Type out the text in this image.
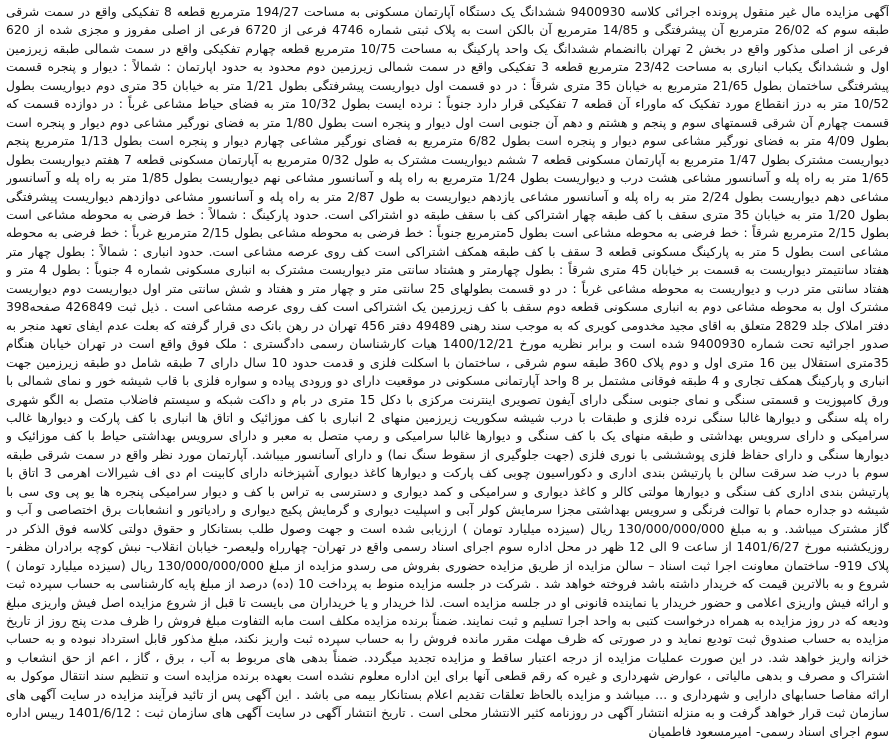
آگهی مزایده مال غیر منقول پرونده اجرائی کلاسه 9400930 ششدانگ یک دستگاه آپارتمان مسکونی به مساحت 194/27 مترمربع قطعه 8 تفکیکی واقع در سمت شرقی طبقه سوم که 26/02 مترمربع آن پیشرفتگی و 14/85 مترمربع آن بالکن است به پلاک ثبتی شماره 4746 فرعی از 6720 فرعی از اصلی مفروز و مجزی شده از 620 فرعی از اصلی مذکور واقع در بخش 2 تهران باانضمام ششدانگ یک واحد پارکینگ به مساحت 10/75 مترمربع قطعه چهارم تفکیکی واقع در سمت شمالی طبقه زیرزمین اول و ششدانگ یکباب انباری به مساحت 23/42 مترمربع قطعه 3 تفکیکی واقع در سمت شمالی زیرزمین دوم محدود به حدود اپارتمان : شمالاً : دیوار و پنجره قسمت پیشرفتگی ساختمان بطول 21/65 مترمربع به خیابان 35 متری شرقاً : در دو قسمت اول دیواریست پیشرفتگی بطول 1/21 متر به خیابان 35 متری دوم دیواریست بطول 10/52 متر به درز انقطاع مورد تفکیک که ماوراء آن قطعه 7 تفکیکی قرار دارد جنوباً : نرده ایست بطول 10/32 متر به فضای حیاط مشاعی غرباً : در دوازده قسمت که قسمت چهارم آن شرقی قسمتهای سوم و پنجم و هشتم و دهم آن جنوبی است اول دیوار و پنجره است بطول 1/80 متر به فضای نورگیر مشاعی دوم دیوار و پنجره است بطول 4/09 متر به فضای نورگیر مشاعی سوم دیوار و پنجره است بطول 6/82 مترمربع به فضای نورگیر مشاعی چهارم دیوار و پنجره است بطول 1/13 مترمربع پنجم دیواریست مشترک بطول 1/47 مترمربع به آپارتمان مسکونی قطعه 7 ششم دیواریست مشترک به طول 0/32 مترمربع به آپارتمان مسکونی قطعه 7 هفتم دیواریست بطول 1/65 متر به راه پله و آسانسور مشاعی هشت درب و دیواریست بطول 1/24 مترمربع به راه پله و آسانسور مشاعی نهم دیواریست بطول 1/85 متر به راه پله و آسانسور مشاعی دهم دیواریست بطول 2/24 متر به راه پله و آسانسور مشاعی یازدهم دیواریست به طول 2/87 متر به راه پله و آسانسور مشاعی دوازدهم دیواریست پیشرفتگی بطول 1/20 متر به خیابان 35 متری سقف با کف طبقه چهار اشتراکی کف با سقف طبقه دو اشتراکی است. حدود پارکینگ : شمالاً : خط فرضی به محوطه مشاعی است بطول 2/15 مترمربع شرقاً : خط فرضی به محوطه مشاعی است بطول 5مترمربع جنوباً : خط فرضی به محوطه مشاعی بطول 2/15 مترمربع غرباً : خط فرضی به محوطه مشاعی است بطول 5 متر به پارکینگ مسکونی قطعه 3 سقف با کف طبقه همکف اشتراکی است کف روی عرصه مشاعی است. حدود انباری : شمالاً : بطول چهار متر هفتاد سانتیمتر دیواریست به قسمت بر خیابان 45 متری شرقاً : بطول چهارمتر و هشتاد سانتی متر دیواریست مشترک به انباری مسکونی شماره 4 جنوباً : بطول 4 متر و هفتاد سانتی متر درب و دیواریست به محوطه مشاعی غرباً : در دو قسمت بطولهای 25 سانتی متر و چهار متر و هفتاد و شش سانتی متر اول دیواریست دوم دیواریست مشترک اول به محوطه مشاعی دوم به انباری مسکونی قطعه دوم سقف با کف زیرزمین یک اشتراکی است کف روی عرصه مشاعی است . ذیل ثبت 426849 صفحه398 دفتر املاک جلد 2829 متعلق به اقای مجید مخدومی کویری که به موجب سند رهنی 49489 دفتر 456 تهران در رهن بانک دی قرار گرفته که بعلت عدم ایفای تعهد منجر به صدور اجرائیه تحت شماره 9400930 شده است و برابر نظریه مورخ 1400/12/21 هیات کارشناسان رسمی دادگستری : ملک فوق واقع است در تهران خیابان هنگام 35متری استقلال بین 16 متری اول و دوم پلاک 360 طبقه سوم شرقی ، ساختمان با اسکلت فلزی و قدمت حدود 10 سال دارای 7 طبقه شامل دو طبقه زیرزمین جهت انباری و پارکینگ همکف تجاری و 4 طبقه فوقانی مشتمل بر 8 واحد آپارتمانی مسکونی در موقعیت دارای دو ورودی پیاده و سواره فلزی با قاب شیشه خور و نمای شمالی با ورق کامپوزیت و قسمتی سنگی و نمای جنوبی سنگی دارای آیفون تصویری اینترنت مرکزی با دکل 15 متری در بام و داکت شبکه و سیستم فاضلاب متصل به الگو شهری راه پله سنگی و دیوارها غالبا سنگی نرده فلزی و طبقات با درب شیشه سکوریت زیرزمین منهای 2 انباری با کف موزائیک و اتاق ها انباری با کف پارکت و دیوارها غالب سرامیکی و دارای سرویس بهداشتی و طبقه منهای یک با کف سنگی و دیوارها غالبا سرامیکی و رمپ متصل به معبر و دارای سرویس بهداشتی حیاط با کف موزائیک و دیوارها سنگی و دارای حفاظ فلزی پوشششی با نوری فلزی (جهت جلوگیری از سقوط سنگ نما) و دارای آسانسور میباشد. آپارتمان مورد نظر واقع در سمت شرقی طبقه سوم با درب ضد سرقت سالن با پارتیشن بندی اداری و دکوراسیون چوبی کف پارکت و دیوارها کاغذ دیواری آشپزخانه دارای کابینت ام دی اف شیرالات اهرمی 3 اتاق با پارتیشن بندی اداری کف سنگی و دیوارها مولتی کالر و کاغذ دیواری و سرامیکی و کمد دیواری و دسترسی به تراس با کف و دیوار سرامیکی پنجره ها یو پی وی سی با شیشه دو جداره حمام با توالت فرنگی و سرویس بهداشتی مجزا سرمایش کولر آبی و اسپلیت دیواری و گرمایش پکیج دیواری و رادیاتور و انشعابات برق اختصاصی و آب و گاز مشترک میباشد. و به مبلغ 130/000/000/000 ریال (سیزده میلیارد تومان ) ارزیابی شده است و جهت وصول طلب بستانکار و حقوق دولتی کلاسه فوق الذکر در روزیکشنبه مورخ 1401/6/27 از ساعت 9 الی 12 ظهر در محل اداره سوم اجرای اسناد رسمی واقع در تهران- چهارراه ولیعصر- خیابان انقلاب- نبش کوچه برادران مظفر- پلاک 919- ساختمان معاونت اجرا ثبت اسناد – سالن مزایده از طریق مزایده حضوری بفروش می رسدو مزایده از مبلغ 130/000/000/000 ریال (سیزده میلیارد تومان ) شروع و به بالاترین قیمت که خریدار داشته باشد فروخته خواهد شد . شرکت در جلسه مزایده منوط به پرداخت 10 (ده) درصد از مبلغ پایه کارشناسی به حساب سپرده ثبت و ارائه فیش واریزی اعلامی و حضور خریدار یا نماینده قانونی او در جلسه مزایده است. لذا خریدار و یا خریداران می بایست تا قبل از شروع مزایده اصل فیش واریزی مبلغ ودیعه که در روز مزایده به همراه درخواست کتبی به واحد اجرا تسلیم و ثبت نمایند. ضمناً برنده مزایده مکلف است مابه التفاوت مبلغ فروش را ظرف مدت پنج روز از تاریخ مزایده به حساب صندوق ثبت تودیع نماید و در صورتی که ظرف مهلت مقرر مانده فروش را به حساب سپرده ثبت واریز نکند، مبلغ مذکور قابل استرداد نبوده و به حساب خزانه واریز خواهد شد. در این صورت عملیات مزایده از درجه اعتبار ساقط و مزایده تجدید میگردد. ضمناً بدهی های مربوط به آب ، برق ، گاز ، اعم از حق انشعاب و اشتراک و مصرف و بدهی مالیاتی ، عوارض شهرداری و غیره که رقم قطعی آنها برای این اداره معلوم نشده است بعهده برنده مزایده است و تنظیم سند انتقال موکول به ارائه مفاصا حسابهای دارایی و شهرداری و … میباشد و مزایده بالحاظ تعلقات تقدیم اعلام بستانکار بیمه می باشد . این آگهی پس از تائید فرآیند مزایده در سایت آگهی های سازمان ثبت قرار خواهد گرفت و به منزله انتشار آگهی در روزنامه کثیر الانتشار محلی است . تاریخ انتشار آگهی در سایت آگهی های سازمان ثبت : 1401/6/12 رییس اداره سوم اجرای اسناد رسمی- امیرمسعود فاطمیان
